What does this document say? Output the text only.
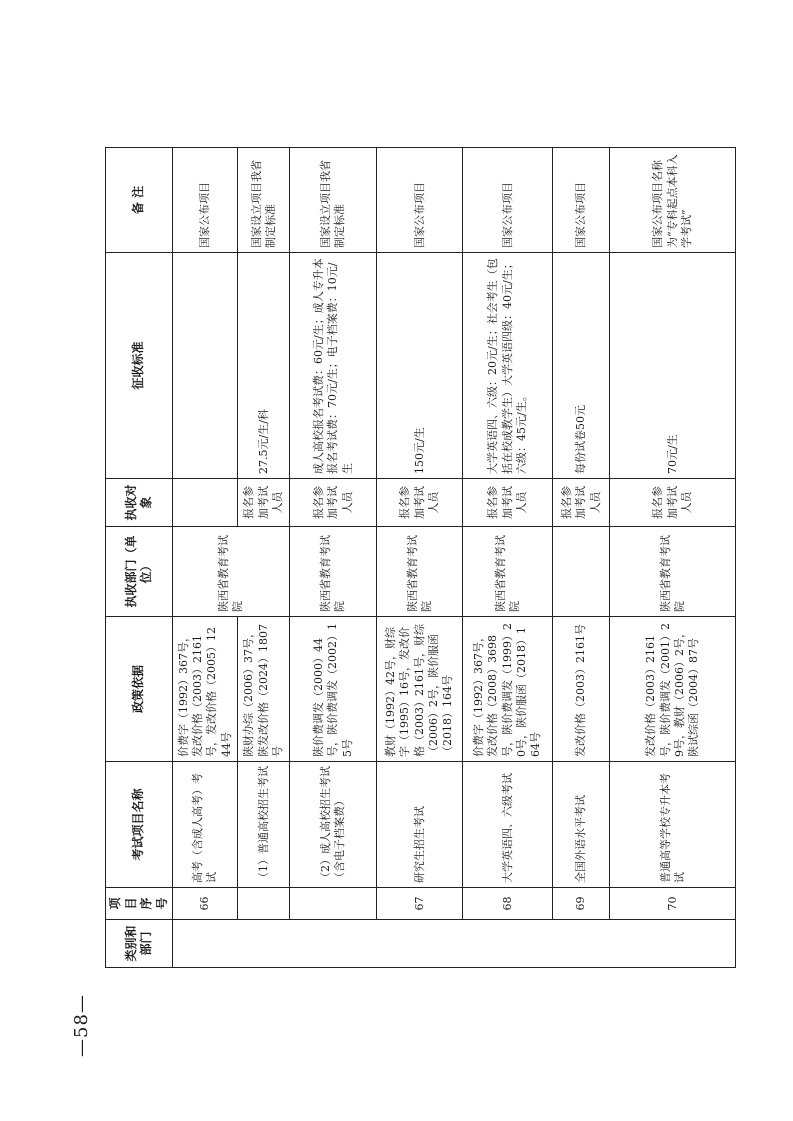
—58—
类别和部门	项目序号	考试项目名称	政策依据	执收部门（单位）	执收对象	征收标准	备 注
	66	高考（含成人高考）考试	价费字（1992）367号，发改价格（2003）2161号，发改价格（2005）1244号	陕西省教育考试院			国家公布项目
		（1）普通高校招生考试	陕财办综（2006）37号，陕发改价格（2024）1807号		报名参加考试人员	27.5元/生/科	国家设立项目我省制定标准
		（2）成人高校招生考试（含电子档案费）	陕价费调发（2000）44号，陕价费调发（2002）15号	陕西省教育考试院	报名参加考试人员	成人高校报名考试费：60元/生；成人专升本报名考试费：70元/生；电子档案费：10元/生	国家设立项目我省制定标准
	67	研究生招生考试	教财（1992）42号，财综字（1995）16号，发改价格（2003）2161号，财综（2006）2号，陕价服函（2018）164号	陕西省教育考试院	报名参加考试人员	150元/生	国家公布项目
	68	大学英语四、六级考试	价费字（1992）367号，发改价格（2008）3698号，陕价费调发（1999）20号，陕价服函（2018）164号	陕西省教育考试院	报名参加考试人员	大学英语四、六级：20元/生；社会考生（包括在校成教学生）大学英语四级：40元/生；六级：45元/生。	国家公布项目
	69	全国外语水平考试	发改价格（2003）2161号		报名参加考试人员	每份试卷50元	国家公布项目
	70	普通高等学校专升本考试	发改价格（2003）2161号，陕价费调发（2001）29号，教财（2006）2号，陕试综函（2004）87号	陕西省教育考试院	报名参加考试人员	70元/生	国家公布项目名称为“专科起点本科入学考试”
